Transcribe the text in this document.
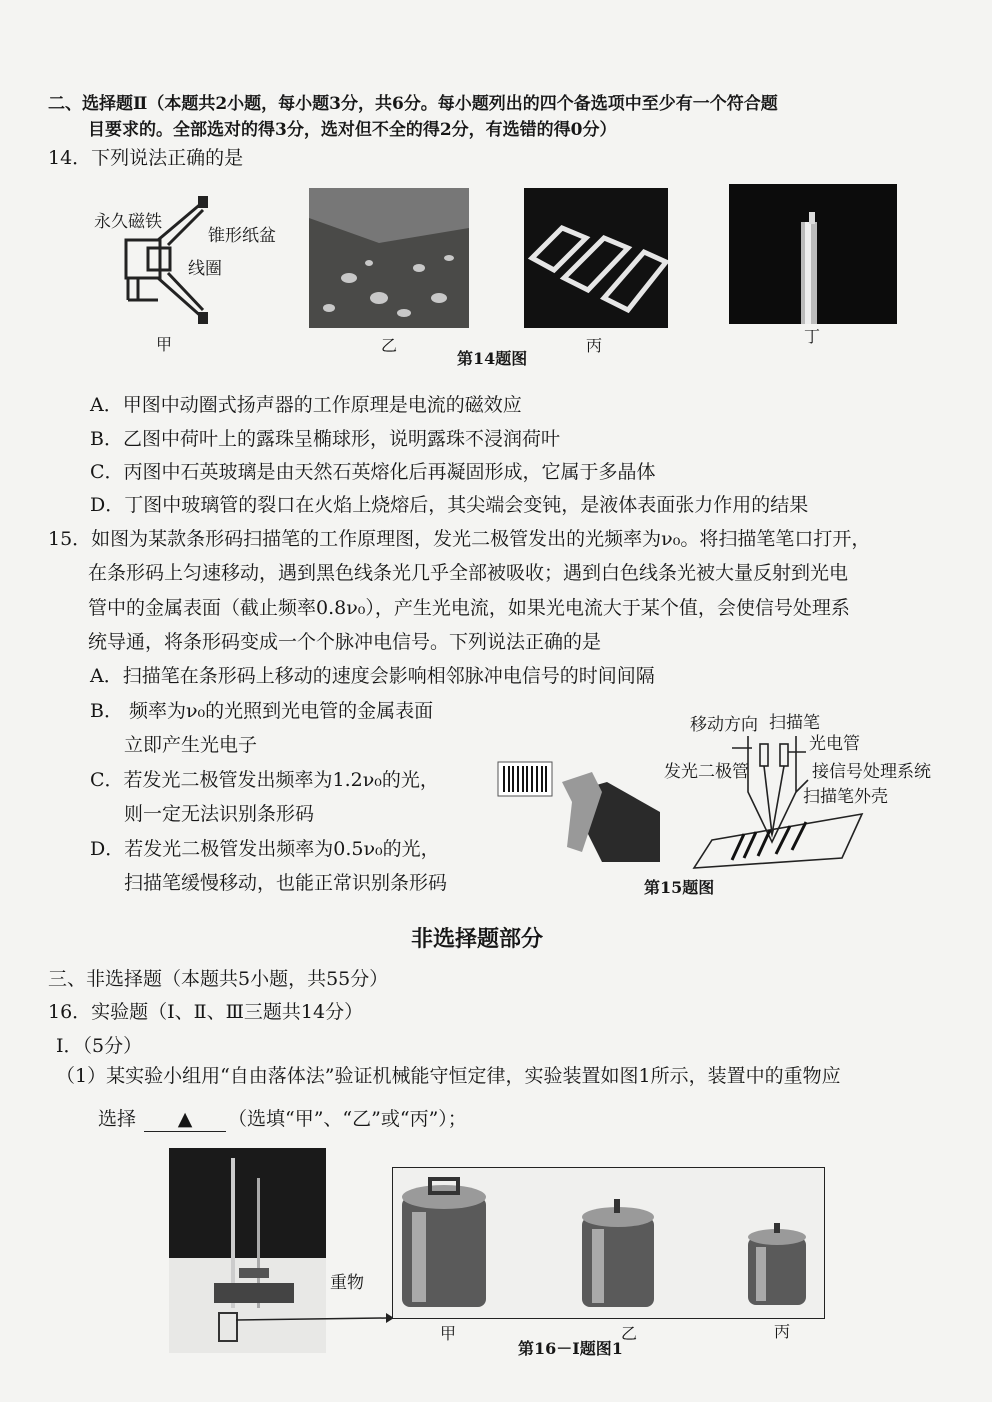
二、选择题Ⅱ（本题共2小题，每小题3分，共6分。每小题列出的四个备选项中至少有一个符合题
目要求的。全部选对的得3分，选对但不全的得2分，有选错的得0分）
14．下列说法正确的是
永久磁铁
锥形纸盆
线圈
甲	乙	丙	丁
第14题图
A．甲图中动圈式扬声器的工作原理是电流的磁效应
B．乙图中荷叶上的露珠呈椭球形，说明露珠不浸润荷叶
C．丙图中石英玻璃是由天然石英熔化后再凝固形成，它属于多晶体
D．丁图中玻璃管的裂口在火焰上烧熔后，其尖端会变钝，是液体表面张力作用的结果
15．如图为某款条形码扫描笔的工作原理图，发光二极管发出的光频率为ν₀。将扫描笔笔口打开，
在条形码上匀速移动，遇到黑色线条光几乎全部被吸收；遇到白色线条光被大量反射到光电
管中的金属表面（截止频率0.8ν₀），产生光电流，如果光电流大于某个值，会使信号处理系
统导通，将条形码变成一个个脉冲电信号。下列说法正确的是
A．扫描笔在条形码上移动的速度会影响相邻脉冲电信号的时间间隔
B． 频率为ν₀的光照到光电管的金属表面
立即产生光电子
C．若发光二极管发出频率为1.2ν₀的光，
则一定无法识别条形码
D．若发光二极管发出频率为0.5ν₀的光，
扫描笔缓慢移动，也能正常识别条形码
移动方向 扫描笔
光电管
发光二极管	接信号处理系统
扫描笔外壳
第15题图
非选择题部分
三、非选择题（本题共5小题，共55分）
16．实验题（Ⅰ、Ⅱ、Ⅲ三题共14分）
Ⅰ．（5分）
（1）某实验小组用“自由落体法”验证机械能守恒定律，实验装置如图1所示，装置中的重物应
选择	▲	（选填“甲”、“乙”或“丙”）；
重物
甲	乙	丙
第16－Ⅰ题图1
